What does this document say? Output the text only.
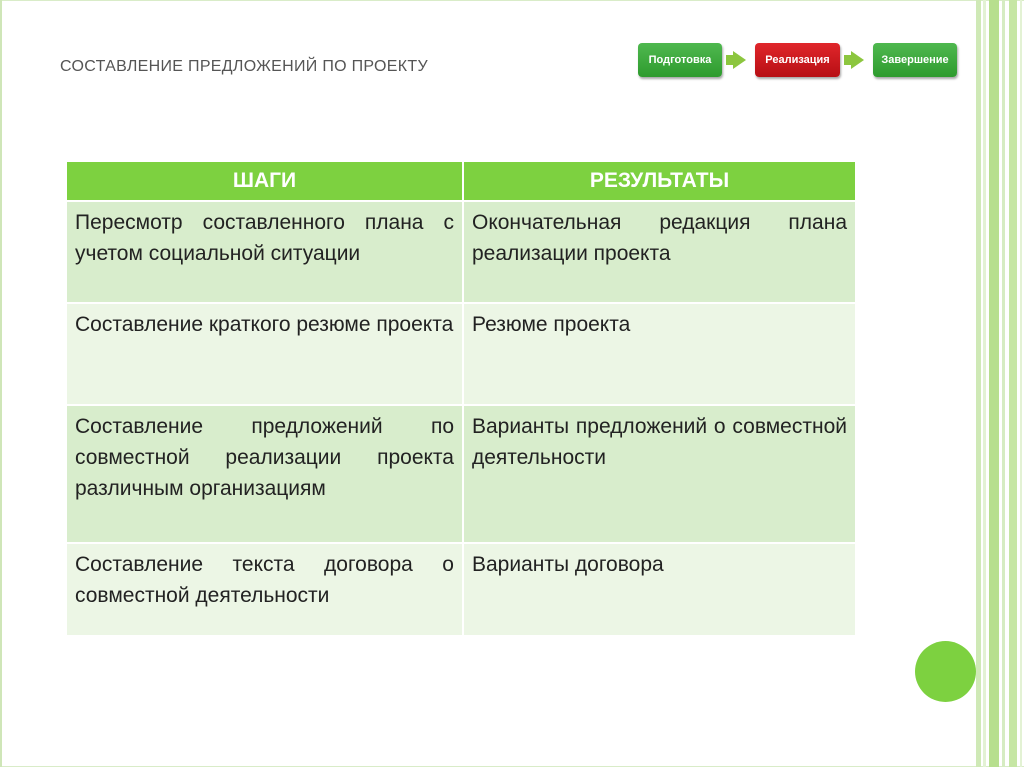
СОСТАВЛЕНИЕ ПРЕДЛОЖЕНИЙ ПО ПРОЕКТУ	Подготовка	Реализация	Завершение
ШАГИ	РЕЗУЛЬТАТЫ
Пересмотр составленного плана с учетом социальной ситуации	Окончательная редакция плана реализации проекта
Составление краткого резюме проекта	Резюме проекта
Составление предложений по совместной реализации проекта различным организациям	Варианты предложений о совместной деятельности
Составление текста договора о совместной деятельности	Варианты договора
